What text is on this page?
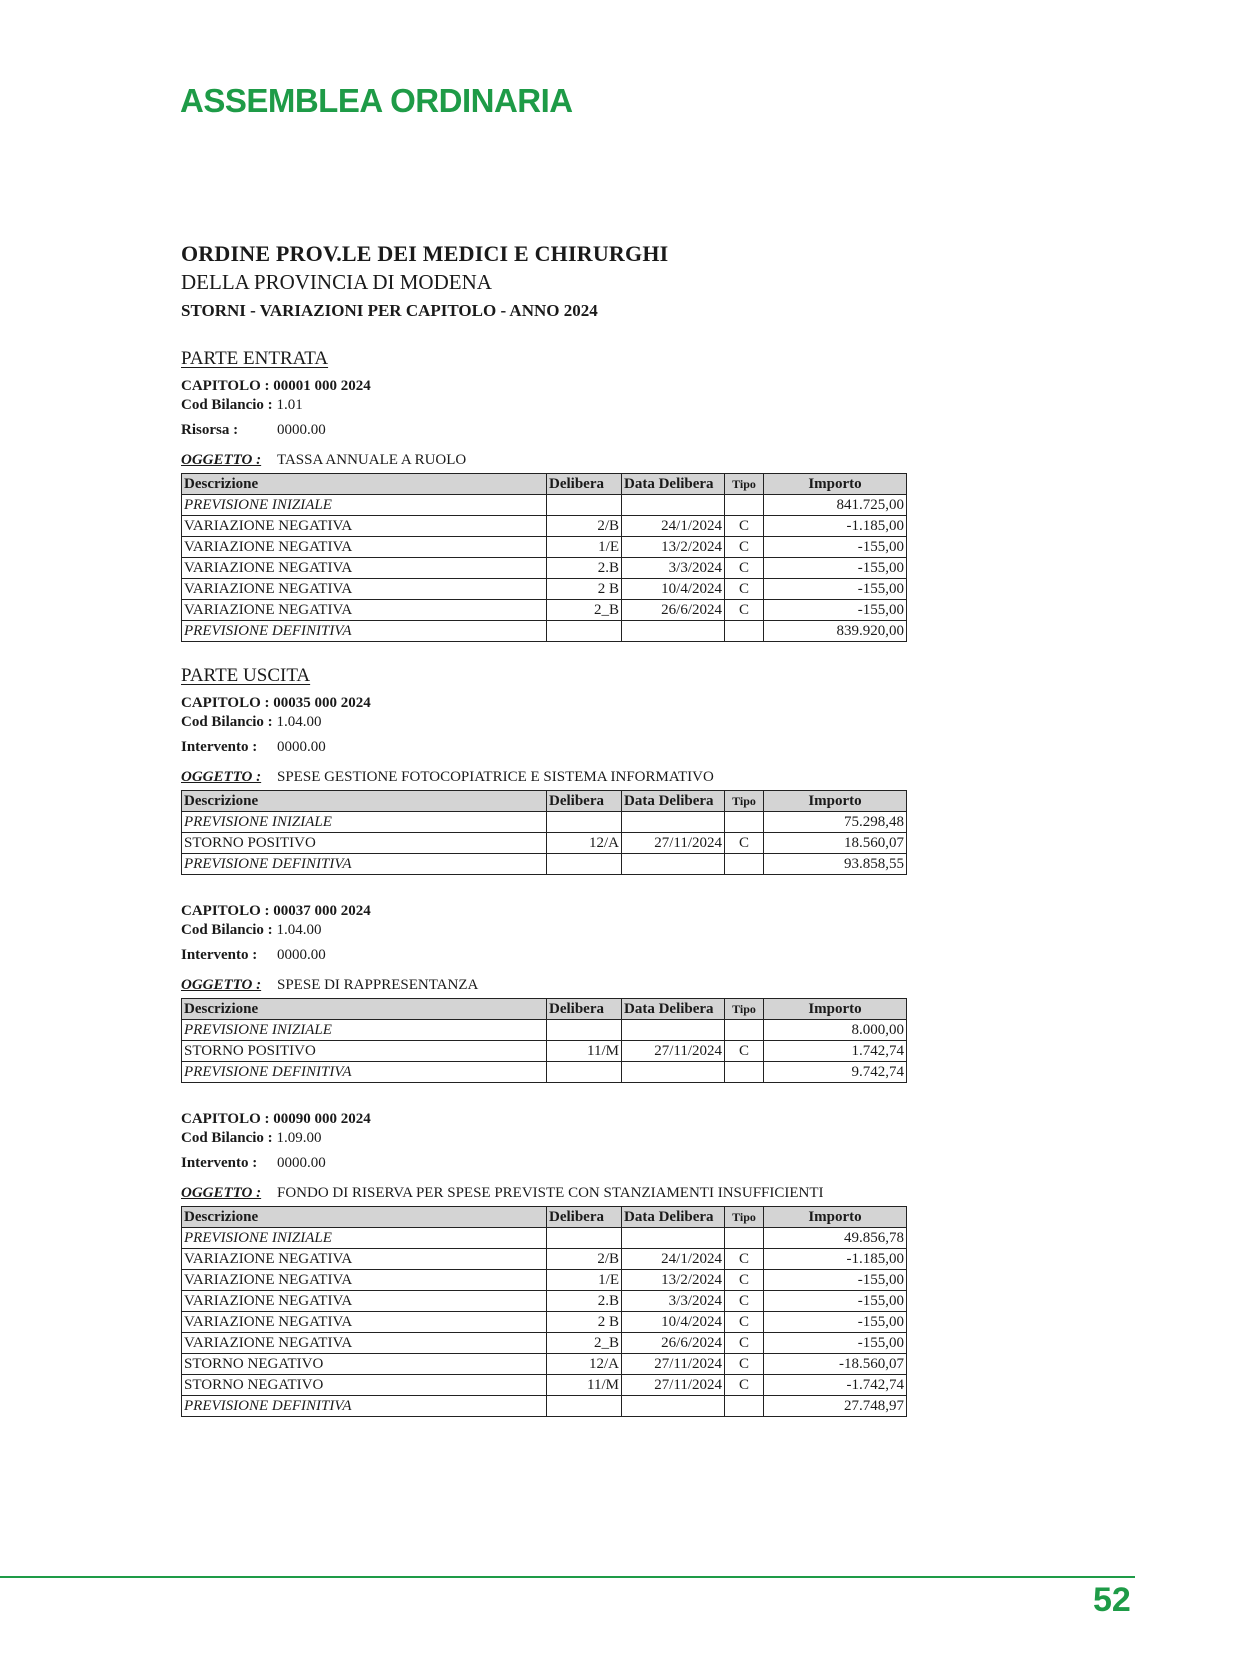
ASSEMBLEA ORDINARIA
ORDINE PROV.LE DEI MEDICI E CHIRURGHI
DELLA PROVINCIA DI MODENA
STORNI - VARIAZIONI PER CAPITOLO - ANNO 2024
PARTE ENTRATA
CAPITOLO : 00001 000 2024
Cod Bilancio : 1.01
Risorsa :	0000.00
OGGETTO : TASSA ANNUALE A RUOLO
Descrizione	Delibera	Data Delibera	Tipo	Importo
PREVISIONE INIZIALE				841.725,00
VARIAZIONE NEGATIVA	2/B	24/1/2024	C	-1.185,00
VARIAZIONE NEGATIVA	1/E	13/2/2024	C	-155,00
VARIAZIONE NEGATIVA	2.B	3/3/2024	C	-155,00
VARIAZIONE NEGATIVA	2 B	10/4/2024	C	-155,00
VARIAZIONE NEGATIVA	2_B	26/6/2024	C	-155,00
PREVISIONE DEFINITIVA				839.920,00
PARTE USCITA
CAPITOLO : 00035 000 2024
Cod Bilancio : 1.04.00
Intervento : 0000.00
OGGETTO : SPESE GESTIONE FOTOCOPIATRICE E SISTEMA INFORMATIVO
Descrizione	Delibera	Data Delibera	Tipo	Importo
PREVISIONE INIZIALE				75.298,48
STORNO POSITIVO	12/A	27/11/2024	C	18.560,07
PREVISIONE DEFINITIVA				93.858,55
CAPITOLO : 00037 000 2024
Cod Bilancio : 1.04.00
Intervento : 0000.00
OGGETTO : SPESE DI RAPPRESENTANZA
Descrizione	Delibera	Data Delibera	Tipo	Importo
PREVISIONE INIZIALE				8.000,00
STORNO POSITIVO	11/M	27/11/2024	C	1.742,74
PREVISIONE DEFINITIVA				9.742,74
CAPITOLO : 00090 000 2024
Cod Bilancio : 1.09.00
Intervento : 0000.00
OGGETTO : FONDO DI RISERVA PER SPESE PREVISTE CON STANZIAMENTI INSUFFICIENTI
Descrizione	Delibera	Data Delibera	Tipo	Importo
PREVISIONE INIZIALE				49.856,78
VARIAZIONE NEGATIVA	2/B	24/1/2024	C	-1.185,00
VARIAZIONE NEGATIVA	1/E	13/2/2024	C	-155,00
VARIAZIONE NEGATIVA	2.B	3/3/2024	C	-155,00
VARIAZIONE NEGATIVA	2 B	10/4/2024	C	-155,00
VARIAZIONE NEGATIVA	2_B	26/6/2024	C	-155,00
STORNO NEGATIVO	12/A	27/11/2024	C	-18.560,07
STORNO NEGATIVO	11/M	27/11/2024	C	-1.742,74
PREVISIONE DEFINITIVA				27.748,97
52
